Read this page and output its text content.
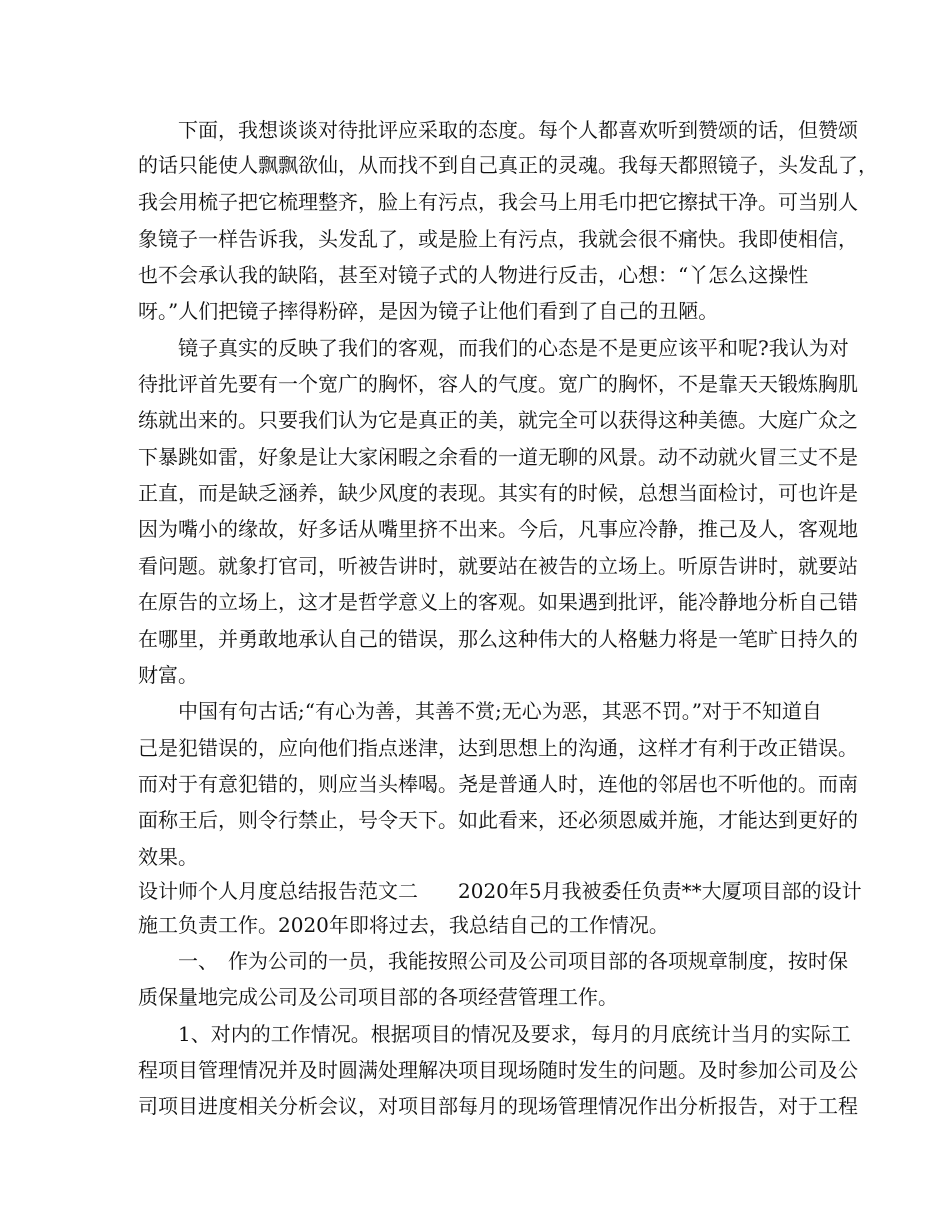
下面，我想谈谈对待批评应采取的态度。每个人都喜欢听到赞颂的话，但赞颂
的话只能使人飘飘欲仙，从而找不到自己真正的灵魂。我每天都照镜子，头发乱了，
我会用梳子把它梳理整齐，脸上有污点，我会马上用毛巾把它擦拭干净。可当别人
象镜子一样告诉我，头发乱了，或是脸上有污点，我就会很不痛快。我即使相信，
也不会承认我的缺陷，甚至对镜子式的人物进行反击，心想：“丫怎么这操性
呀。”人们把镜子摔得粉碎，是因为镜子让他们看到了自己的丑陋。
镜子真实的反映了我们的客观，而我们的心态是不是更应该平和呢?我认为对
待批评首先要有一个宽广的胸怀，容人的气度。宽广的胸怀，不是靠天天锻炼胸肌
练就出来的。只要我们认为它是真正的美，就完全可以获得这种美德。大庭广众之
下暴跳如雷，好象是让大家闲暇之余看的一道无聊的风景。动不动就火冒三丈不是
正直，而是缺乏涵养，缺少风度的表现。其实有的时候，总想当面检讨，可也许是
因为嘴小的缘故，好多话从嘴里挤不出来。今后，凡事应冷静，推己及人，客观地
看问题。就象打官司，听被告讲时，就要站在被告的立场上。听原告讲时，就要站
在原告的立场上，这才是哲学意义上的客观。如果遇到批评，能冷静地分析自己错
在哪里，并勇敢地承认自己的错误，那么这种伟大的人格魅力将是一笔旷日持久的
财富。
中国有句古话;“有心为善，其善不赏;无心为恶，其恶不罚。”对于不知道自
己是犯错误的，应向他们指点迷津，达到思想上的沟通，这样才有利于改正错误。
而对于有意犯错的，则应当头棒喝。尧是普通人时，连他的邻居也不听他的。而南
面称王后，则令行禁止，号令天下。如此看来，还必须恩威并施，才能达到更好的
效果。
设计师个人月度总结报告范文二　　2020年5月我被委任负责**大厦项目部的设计
施工负责工作。2020年即将过去，我总结自己的工作情况。
一、　作为公司的一员，我能按照公司及公司项目部的各项规章制度，按时保
质保量地完成公司及公司项目部的各项经营管理工作。
1、对内的工作情况。根据项目的情况及要求，每月的月底统计当月的实际工
程项目管理情况并及时圆满处理解决项目现场随时发生的问题。及时参加公司及公
司项目进度相关分析会议，对项目部每月的现场管理情况作出分析报告，对于工程
